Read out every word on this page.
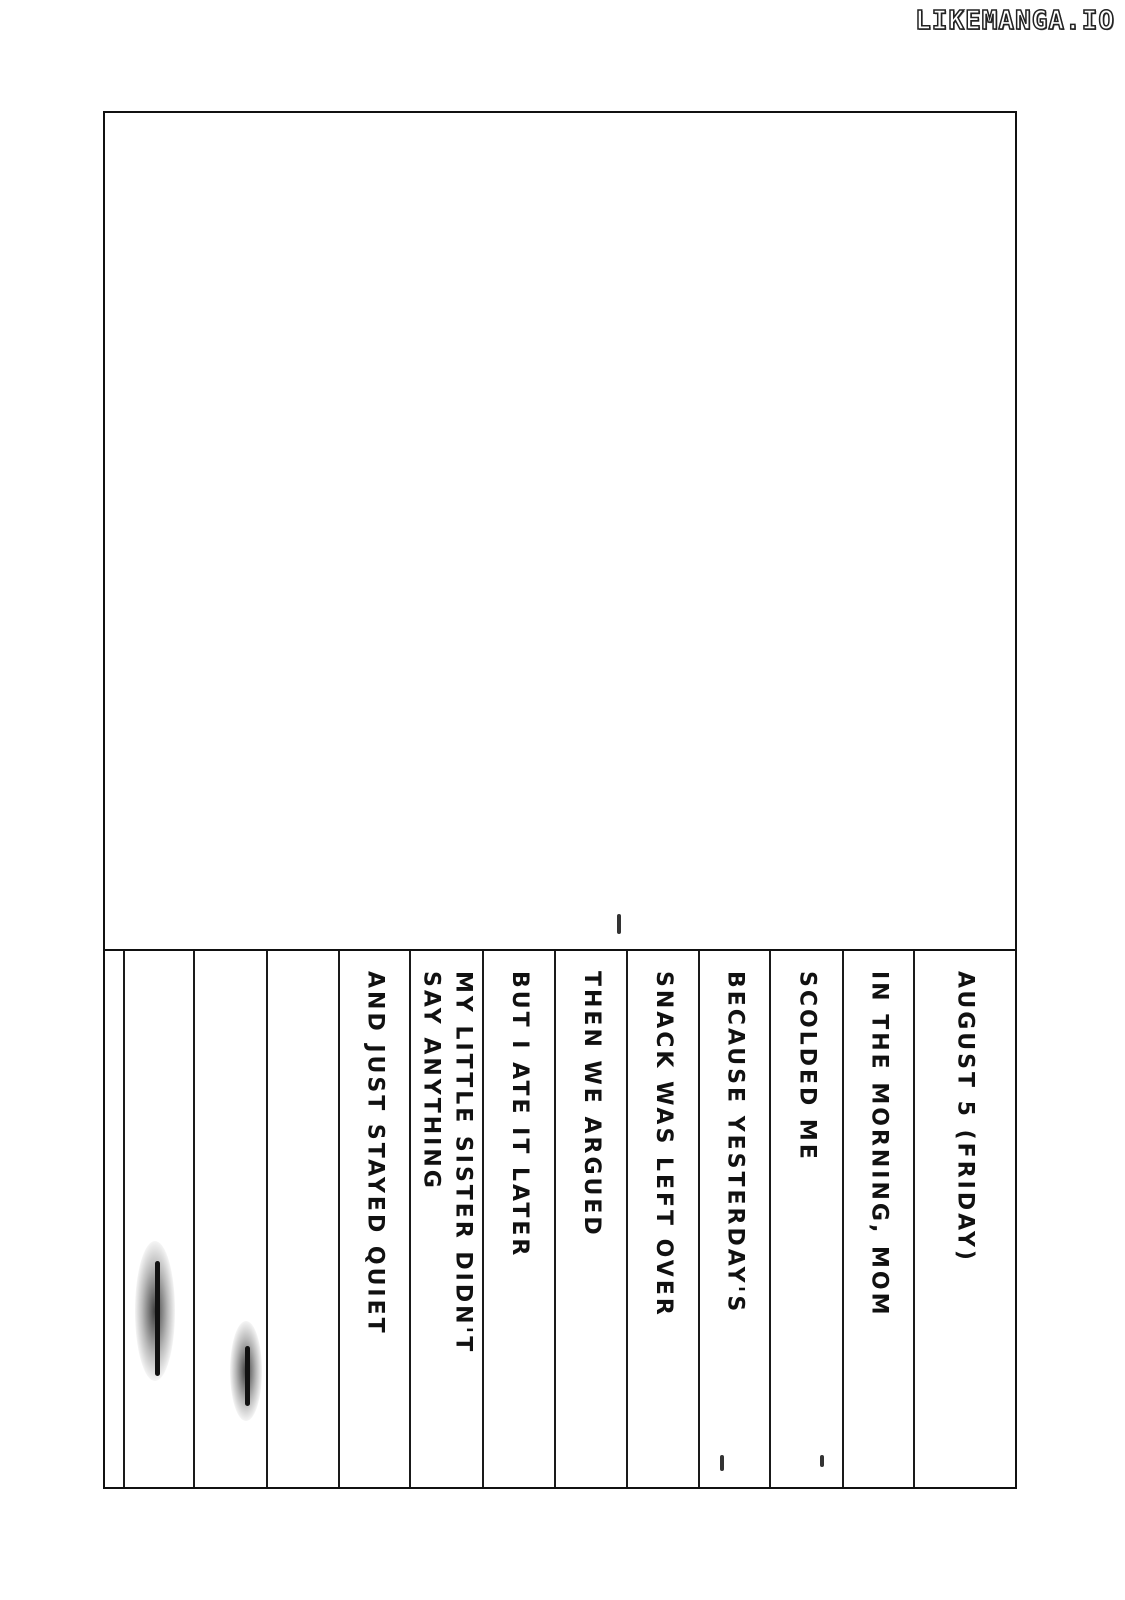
LIKEMANGA.IO
AUGUST 5 (FRIDAY)
IN THE MORNING, MOM
SCOLDED ME
BECAUSE YESTERDAY'S
SNACK WAS LEFT OVER
THEN WE ARGUED
BUT I ATE IT LATER
MY LITTLE SISTER DIDN'T
SAY ANYTHING
AND JUST STAYED QUIET
